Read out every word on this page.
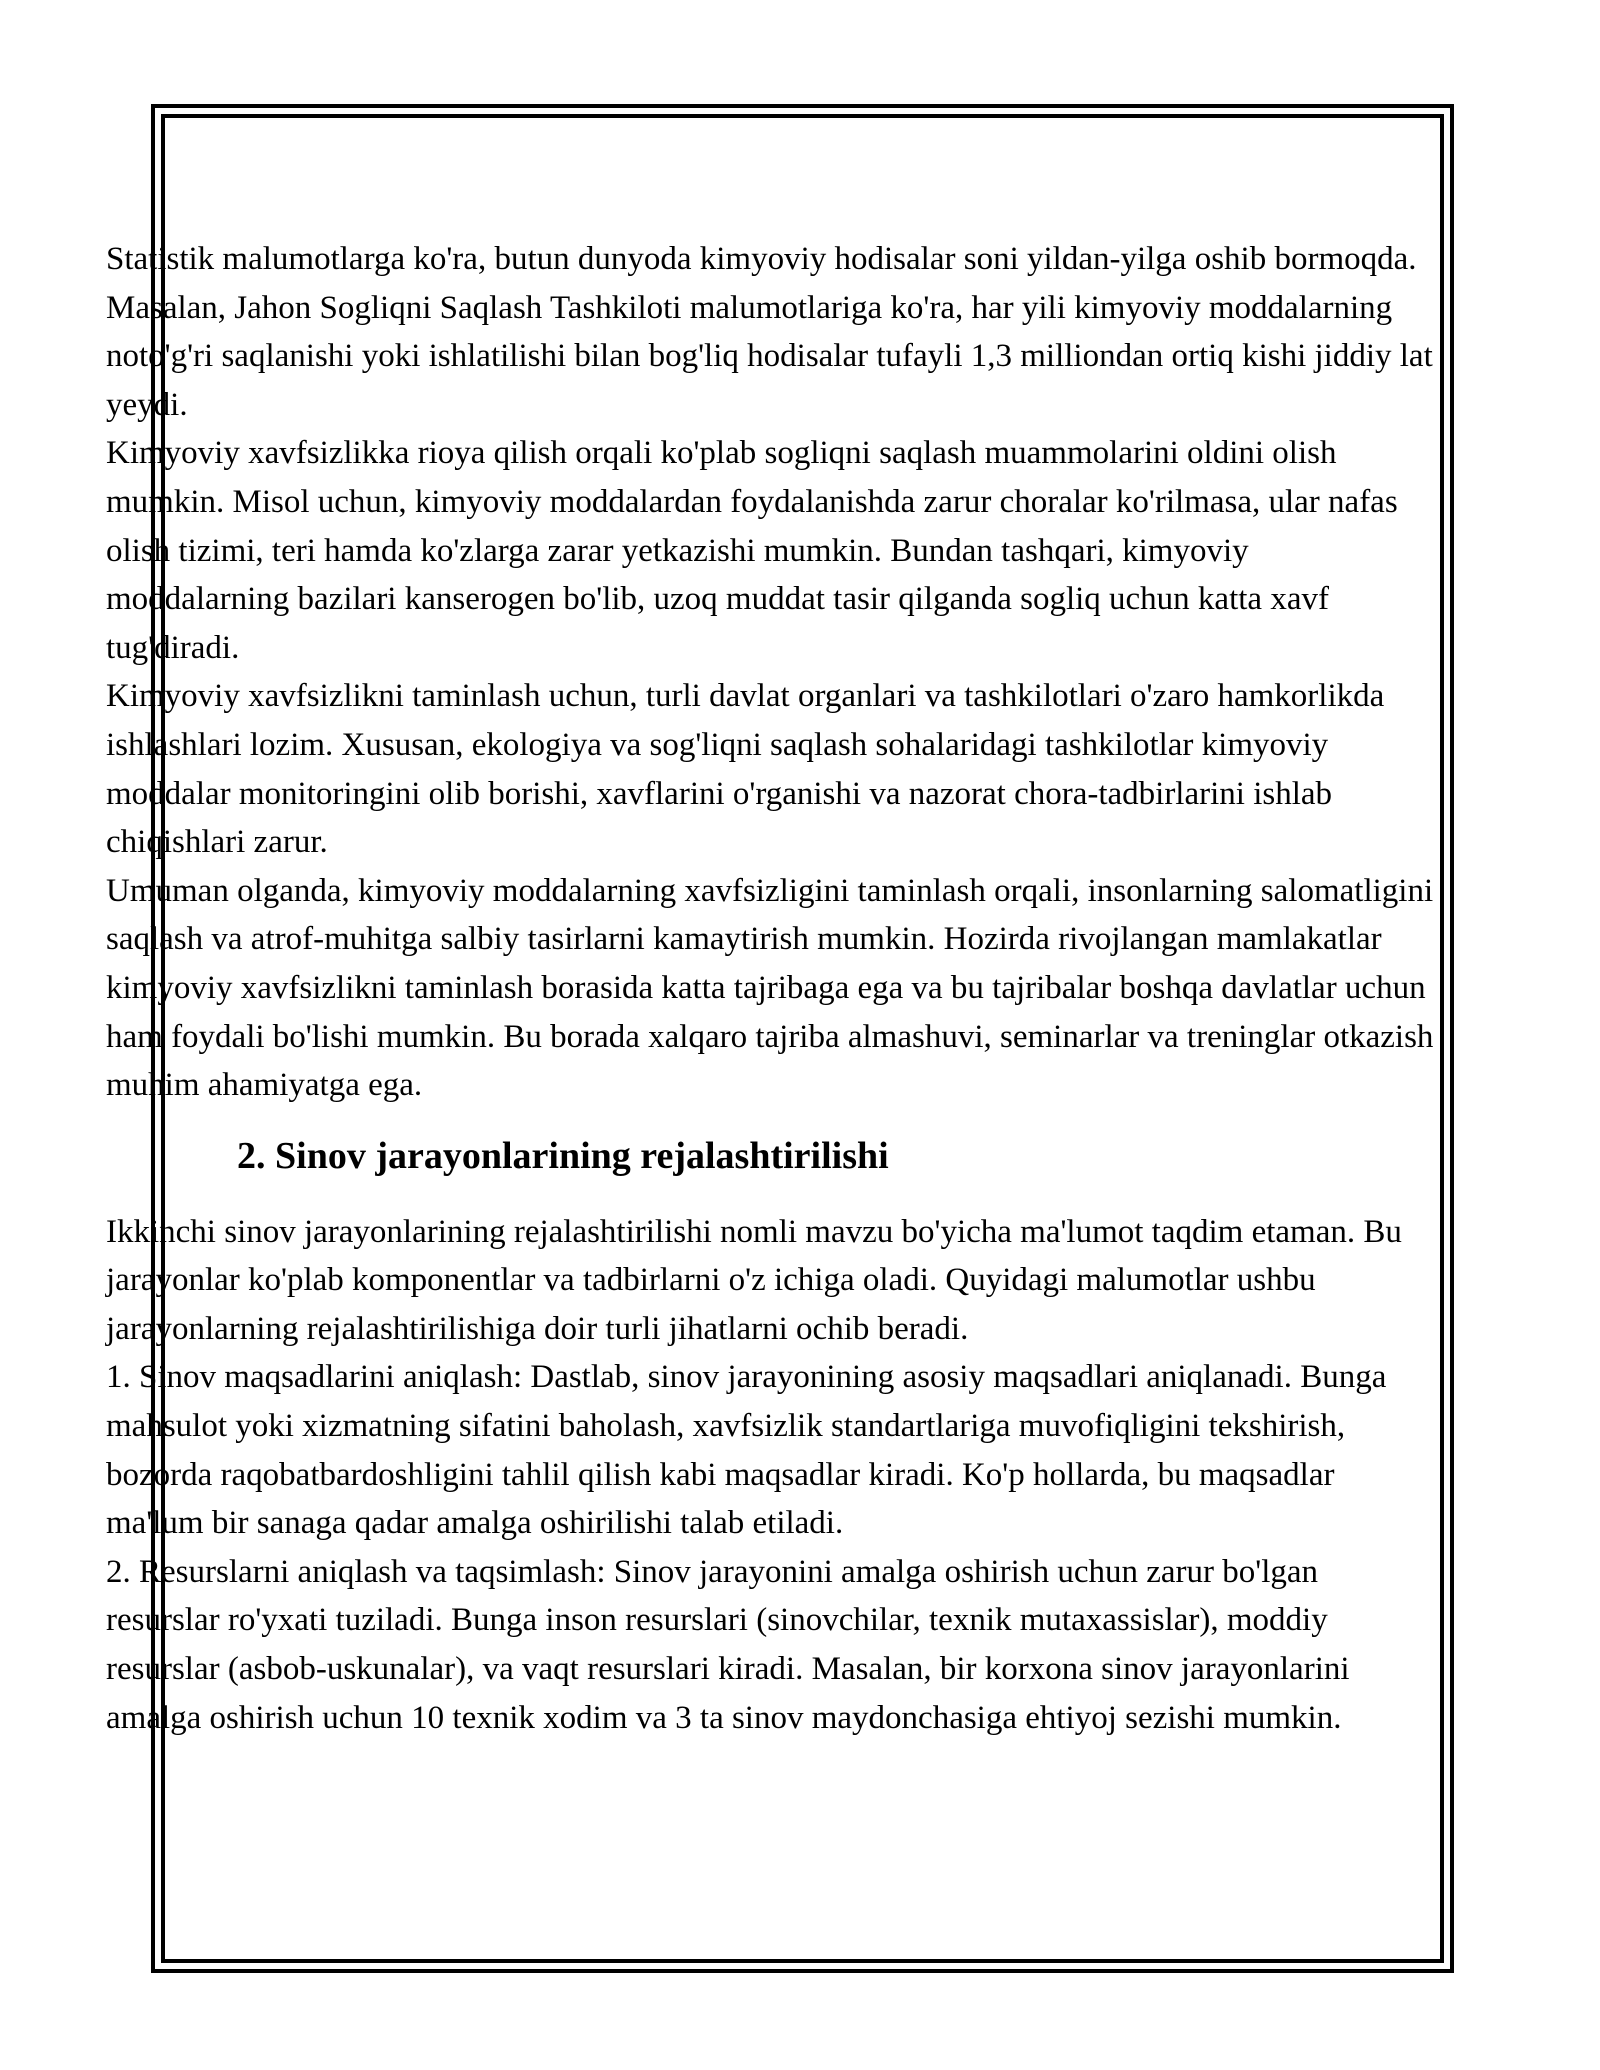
Statistik malumotlarga ko'ra, butun dunyoda kimyoviy hodisalar soni yildan-yilga oshib bormoqda. Masalan, Jahon Sogliqni Saqlash Tashkiloti malumotlariga ko'ra, har yili kimyoviy moddalarning noto'g'ri saqlanishi yoki ishlatilishi bilan bog'liq hodisalar tufayli 1,3 milliondan ortiq kishi jiddiy lat yeydi.

Kimyoviy xavfsizlikka rioya qilish orqali ko'plab sogliqni saqlash muammolarini oldini olish mumkin. Misol uchun, kimyoviy moddalardan foydalanishda zarur choralar ko'rilmasa, ular nafas olish tizimi, teri hamda ko'zlarga zarar yetkazishi mumkin. Bundan tashqari, kimyoviy moddalarning bazilari kanserogen bo'lib, uzoq muddat tasir qilganda sogliq uchun katta xavf tug'diradi.

Kimyoviy xavfsizlikni taminlash uchun, turli davlat organlari va tashkilotlari o'zaro hamkorlikda ishlashlari lozim. Xususan, ekologiya va sog'liqni saqlash sohalaridagi tashkilotlar kimyoviy moddalar monitoringini olib borishi, xavflarini o'rganishi va nazorat chora-tadbirlarini ishlab chiqishlari zarur.

Umuman olganda, kimyoviy moddalarning xavfsizligini taminlash orqali, insonlarning salomatligini saqlash va atrof-muhitga salbiy tasirlarni kamaytirish mumkin. Hozirda rivojlangan mamlakatlar kimyoviy xavfsizlikni taminlash borasida katta tajribaga ega va bu tajribalar boshqa davlatlar uchun ham foydali bo'lishi mumkin. Bu borada xalqaro tajriba almashuvi, seminarlar va treninglar otkazish muhim ahamiyatga ega.

2. Sinov jarayonlarining rejalashtirilishi

Ikkinchi sinov jarayonlarining rejalashtirilishi nomli mavzu bo'yicha ma'lumot taqdim etaman. Bu jarayonlar ko'plab komponentlar va tadbirlarni o'z ichiga oladi. Quyidagi malumotlar ushbu jarayonlarning rejalashtirilishiga doir turli jihatlarni ochib beradi.

1. Sinov maqsadlarini aniqlash: Dastlab, sinov jarayonining asosiy maqsadlari aniqlanadi. Bunga mahsulot yoki xizmatning sifatini baholash, xavfsizlik standartlariga muvofiqligini tekshirish, bozorda raqobatbardoshligini tahlil qilish kabi maqsadlar kiradi. Ko'p hollarda, bu maqsadlar ma'lum bir sanaga qadar amalga oshirilishi talab etiladi.

2. Resurslarni aniqlash va taqsimlash: Sinov jarayonini amalga oshirish uchun zarur bo'lgan resurslar ro'yxati tuziladi. Bunga inson resurslari (sinovchilar, texnik mutaxassislar), moddiy resurslar (asbob-uskunalar), va vaqt resurslari kiradi. Masalan, bir korxona sinov jarayonlarini amalga oshirish uchun 10 texnik xodim va 3 ta sinov maydonchasiga ehtiyoj sezishi mumkin.
